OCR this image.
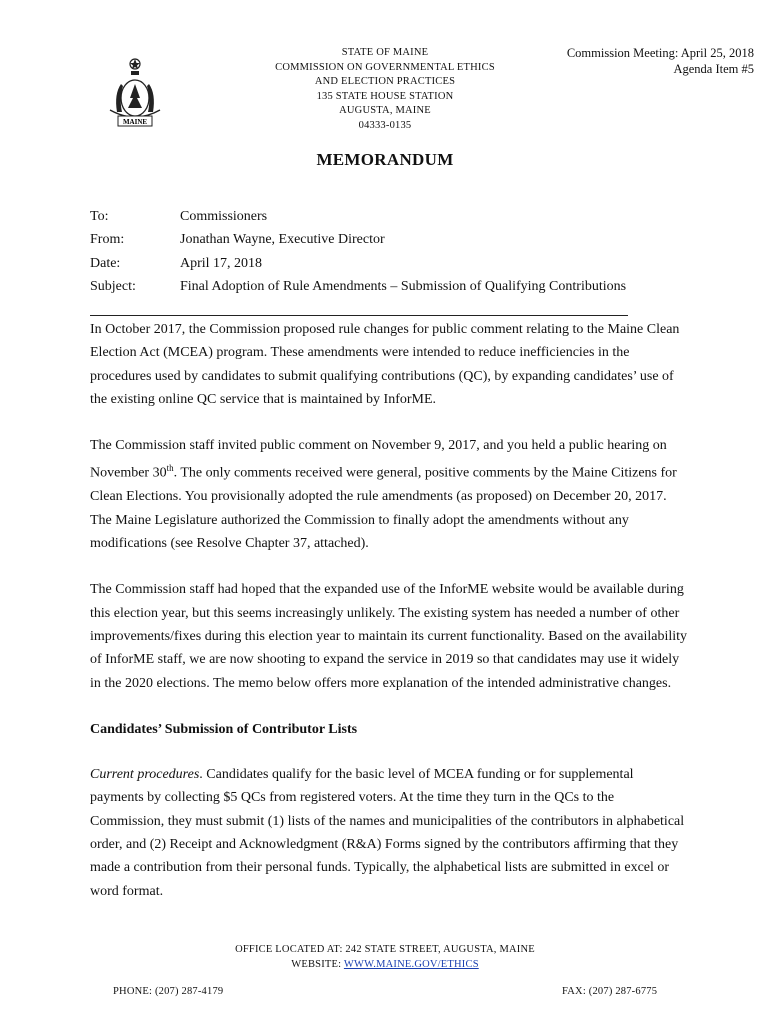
MAINE
STATE OF MAINE
COMMISSION ON GOVERNMENTAL ETHICS
AND ELECTION PRACTICES
135 STATE HOUSE STATION
AUGUSTA, MAINE
04333-0135
Commission Meeting: April 25, 2018
Agenda Item #5
MEMORANDUM
To:	Commissioners
From:	Jonathan Wayne, Executive Director
Date:	April 17, 2018
Subject:	Final Adoption of Rule Amendments – Submission of Qualifying Contributions

In October 2017, the Commission proposed rule changes for public comment relating to the Maine Clean Election Act (MCEA) program. These amendments were intended to reduce inefficiencies in the procedures used by candidates to submit qualifying contributions (QC), by expanding candidates’ use of the existing online QC service that is maintained by InforME.

The Commission staff invited public comment on November 9, 2017, and you held a public hearing on November 30th. The only comments received were general, positive comments by the Maine Citizens for Clean Elections. You provisionally adopted the rule amendments (as proposed) on December 20, 2017. The Maine Legislature authorized the Commission to finally adopt the amendments without any modifications (see Resolve Chapter 37, attached).

The Commission staff had hoped that the expanded use of the InforME website would be available during this election year, but this seems increasingly unlikely. The existing system has needed a number of other improvements/fixes during this election year to maintain its current functionality. Based on the availability of InforME staff, we are now shooting to expand the service in 2019 so that candidates may use it widely in the 2020 elections. The memo below offers more explanation of the intended administrative changes.

Candidates’ Submission of Contributor Lists

Current procedures. Candidates qualify for the basic level of MCEA funding or for supplemental payments by collecting $5 QCs from registered voters. At the time they turn in the QCs to the Commission, they must submit (1) lists of the names and municipalities of the contributors in alphabetical order, and (2) Receipt and Acknowledgment (R&A) Forms signed by the contributors affirming that they made a contribution from their personal funds. Typically, the alphabetical lists are submitted in excel or word format.

OFFICE LOCATED AT: 242 STATE STREET, AUGUSTA, MAINE
WEBSITE: WWW.MAINE.GOV/ETHICS
PHONE: (207) 287-4179	FAX: (207) 287-6775
